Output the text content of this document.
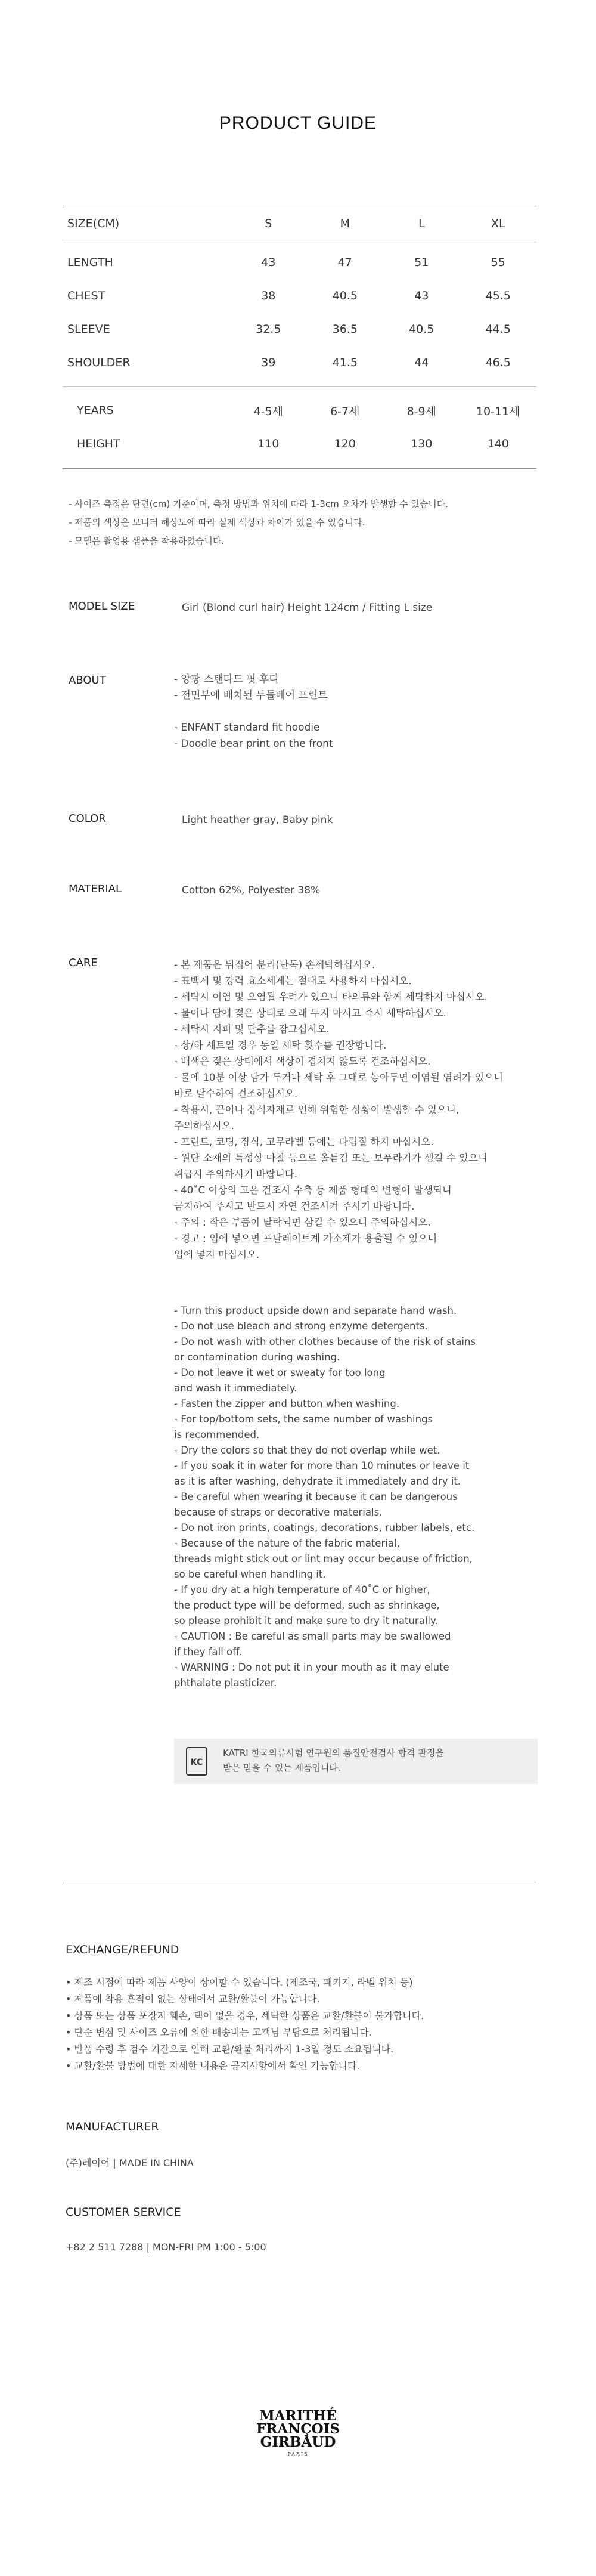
PRODUCT GUIDE
SIZE(CM)	S	M	L	XL
LENGTH	43	47	51	55
CHEST	38	40.5	43	45.5
SLEEVE	32.5	36.5	40.5	44.5
SHOULDER	39	41.5	44	46.5
YEARS	4-5세	6-7세	8-9세	10-11세
HEIGHT	110	120	130	140
- 사이즈 측정은 단면(cm) 기준이며, 측정 방법과 위치에 따라 1-3cm 오차가 발생할 수 있습니다.
- 제품의 색상은 모니터 해상도에 따라 실제 색상과 차이가 있을 수 있습니다.
- 모델은 촬영용 샘플을 착용하였습니다.
MODEL SIZE	Girl (Blond curl hair) Height 124cm / Fitting L size
ABOUT	- 앙팡 스탠다드 핏 후디
- 전면부에 배치된 두들베어 프린트
- ENFANT standard fit hoodie
- Doodle bear print on the front
COLOR	Light heather gray, Baby pink
MATERIAL	Cotton 62%, Polyester 38%
CARE	- 본 제품은 뒤집어 분리(단독) 손세탁하십시오.
- 표백제 및 강력 효소세제는 절대로 사용하지 마십시오.
- 세탁시 이염 및 오염될 우려가 있으니 타의류와 함께 세탁하지 마십시오.
- 물이나 땀에 젖은 상태로 오래 두지 마시고 즉시 세탁하십시오.
- 세탁시 지퍼 및 단추를 잠그십시오.
- 상/하 세트일 경우 동일 세탁 횟수를 권장합니다.
- 배색은 젖은 상태에서 색상이 겹치지 않도록 건조하십시오.
- 물에 10분 이상 담가 두거나 세탁 후 그대로 놓아두면 이염될 염려가 있으니
바로 탈수하여 건조하십시오.
- 착용시, 끈이나 장식자재로 인해 위험한 상황이 발생할 수 있으니,
주의하십시오.
- 프린트, 코팅, 장식, 고무라벨 등에는 다림질 하지 마십시오.
- 원단 소재의 특성상 마찰 등으로 올튿김 또는 보푸라기가 생길 수 있으니
취급시 주의하시기 바랍니다.
- 40˚C 이상의 고온 건조시 수축 등 제품 형태의 변형이 발생되니
금지하여 주시고 반드시 자연 건조시켜 주시기 바랍니다.
- 주의 : 작은 부품이 탈락되면 삼킬 수 있으니 주의하십시오.
- 경고 : 입에 넣으면 프탈레이트계 가소제가 용출될 수 있으니
입에 넣지 마십시오.
- Turn this product upside down and separate hand wash.
- Do not use bleach and strong enzyme detergents.
- Do not wash with other clothes because of the risk of stains
or contamination during washing.
- Do not leave it wet or sweaty for too long
and wash it immediately.
- Fasten the zipper and button when washing.
- For top/bottom sets, the same number of washings
is recommended.
- Dry the colors so that they do not overlap while wet.
- If you soak it in water for more than 10 minutes or leave it
as it is after washing, dehydrate it immediately and dry it.
- Be careful when wearing it because it can be dangerous
because of straps or decorative materials.
- Do not iron prints, coatings, decorations, rubber labels, etc.
- Because of the nature of the fabric material,
threads might stick out or lint may occur because of friction,
so be careful when handling it.
- If you dry at a high temperature of 40˚C or higher,
the product type will be deformed, such as shrinkage,
so please prohibit it and make sure to dry it naturally.
- CAUTION : Be careful as small parts may be swallowed
if they fall off.
- WARNING : Do not put it in your mouth as it may elute
phthalate plasticizer.
KC
KATRI 한국의류시험 연구원의 품질안전검사 합격 판정을
받은 믿을 수 있는 제품입니다.
EXCHANGE/REFUND
• 제조 시점에 따라 제품 사양이 상이할 수 있습니다. (제조국, 패키지, 라벨 위치 등)
• 제품에 착용 흔적이 없는 상태에서 교환/환불이 가능합니다.
• 상품 또는 상품 포장지 훼손, 택이 없을 경우, 세탁한 상품은 교환/환불이 불가합니다.
• 단순 변심 및 사이즈 오류에 의한 배송비는 고객님 부담으로 처리됩니다.
• 반품 수령 후 검수 기간으로 인해 교환/환불 처리까지 1-3일 정도 소요됩니다.
• 교환/환불 방법에 대한 자세한 내용은 공지사항에서 확인 가능합니다.
MANUFACTURER
(주)레이어 | MADE IN CHINA
CUSTOMER SERVICE
+82 2 511 7288 | MON-FRI PM 1:00 - 5:00
MARITHÉ
FRANÇOIS
GIRBAUD
PARIS
